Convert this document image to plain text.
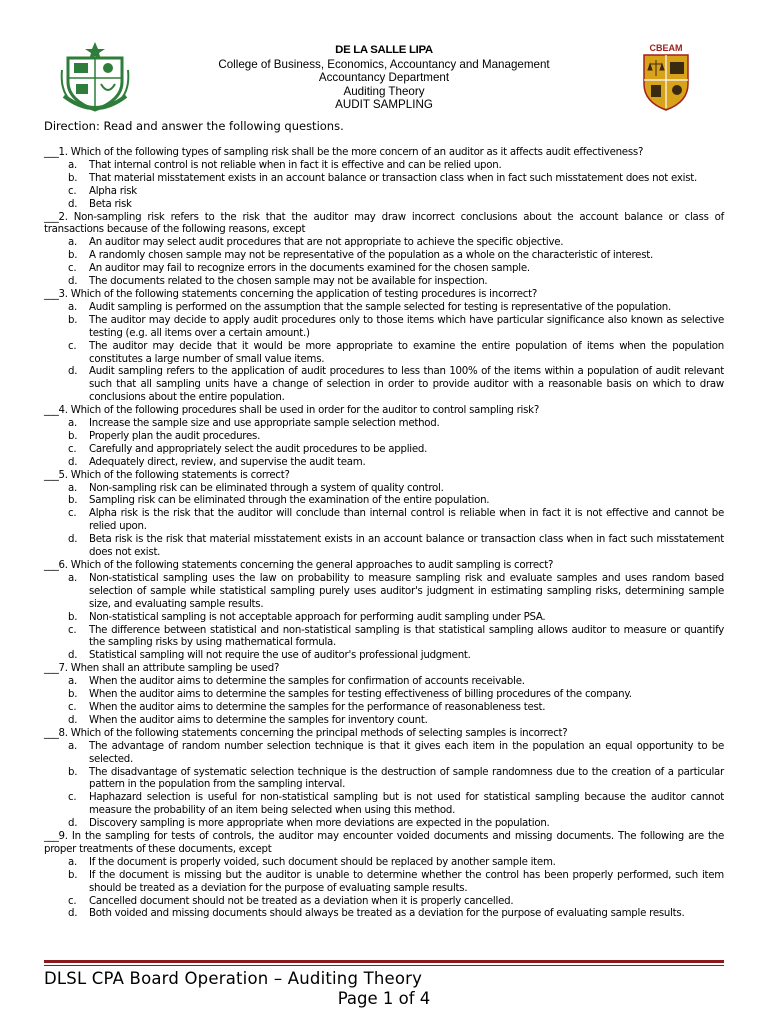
DE LA SALLE LIPA
College of Business, Economics, Accountancy and Management
Accountancy Department
Auditing Theory
AUDIT SAMPLING
CBEAM
Direction: Read and answer the following questions.
___1. Which of the following types of sampling risk shall be the more concern of an auditor as it affects audit effectiveness?
a. That internal control is not reliable when in fact it is effective and can be relied upon.
b. That material misstatement exists in an account balance or transaction class when in fact such misstatement does not exist.
c. Alpha risk
d. Beta risk
___2. Non-sampling risk refers to the risk that the auditor may draw incorrect conclusions about the account balance or class of transactions because of the following reasons, except
a. An auditor may select audit procedures that are not appropriate to achieve the specific objective.
b. A randomly chosen sample may not be representative of the population as a whole on the characteristic of interest.
c. An auditor may fail to recognize errors in the documents examined for the chosen sample.
d. The documents related to the chosen sample may not be available for inspection.
___3. Which of the following statements concerning the application of testing procedures is incorrect?
a. Audit sampling is performed on the assumption that the sample selected for testing is representative of the population.
b. The auditor may decide to apply audit procedures only to those items which have particular significance also known as selective testing (e.g. all items over a certain amount.)
c. The auditor may decide that it would be more appropriate to examine the entire population of items when the population constitutes a large number of small value items.
d. Audit sampling refers to the application of audit procedures to less than 100% of the items within a population of audit relevant such that all sampling units have a change of selection in order to provide auditor with a reasonable basis on which to draw conclusions about the entire population.
___4. Which of the following procedures shall be used in order for the auditor to control sampling risk?
a. Increase the sample size and use appropriate sample selection method.
b. Properly plan the audit procedures.
c. Carefully and appropriately select the audit procedures to be applied.
d. Adequately direct, review, and supervise the audit team.
___5. Which of the following statements is correct?
a. Non-sampling risk can be eliminated through a system of quality control.
b. Sampling risk can be eliminated through the examination of the entire population.
c. Alpha risk is the risk that the auditor will conclude than internal control is reliable when in fact it is not effective and cannot be relied upon.
d. Beta risk is the risk that material misstatement exists in an account balance or transaction class when in fact such misstatement does not exist.
___6. Which of the following statements concerning the general approaches to audit sampling is correct?
a. Non-statistical sampling uses the law on probability to measure sampling risk and evaluate samples and uses random based selection of sample while statistical sampling purely uses auditor's judgment in estimating sampling risks, determining sample size, and evaluating sample results.
b. Non-statistical sampling is not acceptable approach for performing audit sampling under PSA.
c. The difference between statistical and non-statistical sampling is that statistical sampling allows auditor to measure or quantify the sampling risks by using mathematical formula.
d. Statistical sampling will not require the use of auditor's professional judgment.
___7. When shall an attribute sampling be used?
a. When the auditor aims to determine the samples for confirmation of accounts receivable.
b. When the auditor aims to determine the samples for testing effectiveness of billing procedures of the company.
c. When the auditor aims to determine the samples for the performance of reasonableness test.
d. When the auditor aims to determine the samples for inventory count.
___8. Which of the following statements concerning the principal methods of selecting samples is incorrect?
a. The advantage of random number selection technique is that it gives each item in the population an equal opportunity to be selected.
b. The disadvantage of systematic selection technique is the destruction of sample randomness due to the creation of a particular pattern in the population from the sampling interval.
c. Haphazard selection is useful for non-statistical sampling but is not used for statistical sampling because the auditor cannot measure the probability of an item being selected when using this method.
d. Discovery sampling is more appropriate when more deviations are expected in the population.
___9. In the sampling for tests of controls, the auditor may encounter voided documents and missing documents. The following are the proper treatments of these documents, except
a. If the document is properly voided, such document should be replaced by another sample item.
b. If the document is missing but the auditor is unable to determine whether the control has been properly performed, such item should be treated as a deviation for the purpose of evaluating sample results.
c. Cancelled document should not be treated as a deviation when it is properly cancelled.
d. Both voided and missing documents should always be treated as a deviation for the purpose of evaluating sample results.
DLSL CPA Board Operation – Auditing Theory
Page 1 of 4
